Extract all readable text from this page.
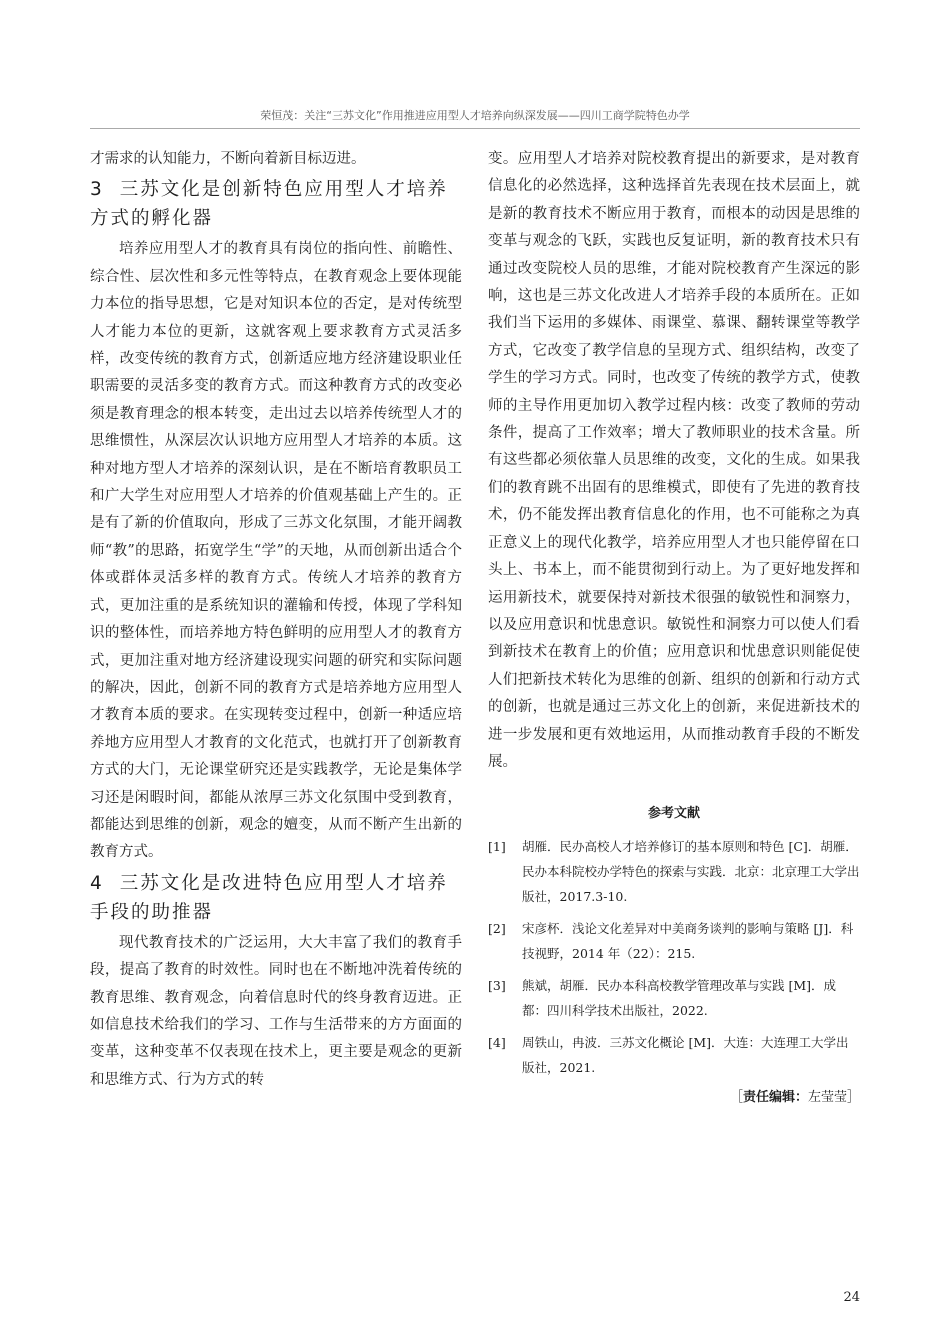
荣恒茂：关注“三苏文化”作用推进应用型人才培养向纵深发展——四川工商学院特色办学

才需求的认知能力，不断向着新目标迈进。

3 三苏文化是创新特色应用型人才培养方式的孵化器

培养应用型人才的教育具有岗位的指向性、前瞻性、综合性、层次性和多元性等特点，在教育观念上要体现能力本位的指导思想，它是对知识本位的否定，是对传统型人才能力本位的更新，这就客观上要求教育方式灵活多样，改变传统的教育方式，创新适应地方经济建设职业任职需要的灵活多变的教育方式。而这种教育方式的改变必须是教育理念的根本转变，走出过去以培养传统型人才的思维惯性，从深层次认识地方应用型人才培养的本质。这种对地方型人才培养的深刻认识，是在不断培育教职员工和广大学生对应用型人才培养的价值观基础上产生的。正是有了新的价值取向，形成了三苏文化氛围，才能开阔教师“教”的思路，拓宽学生“学”的天地，从而创新出适合个体或群体灵活多样的教育方式。传统人才培养的教育方式，更加注重的是系统知识的灌输和传授，体现了学科知识的整体性，而培养地方特色鲜明的应用型人才的教育方式，更加注重对地方经济建设现实问题的研究和实际问题的解决，因此，创新不同的教育方式是培养地方应用型人才教育本质的要求。在实现转变过程中，创新一种适应培养地方应用型人才教育的文化范式，也就打开了创新教育方式的大门，无论课堂研究还是实践教学，无论是集体学习还是闲暇时间，都能从浓厚三苏文化氛围中受到教育，都能达到思维的创新，观念的嬗变，从而不断产生出新的教育方式。

4 三苏文化是改进特色应用型人才培养手段的助推器

现代教育技术的广泛运用，大大丰富了我们的教育手段，提高了教育的时效性。同时也在不断地冲洗着传统的教育思维、教育观念，向着信息时代的终身教育迈进。正如信息技术给我们的学习、工作与生活带来的方方面面的变革，这种变革不仅表现在技术上，更主要是观念的更新和思维方式、行为方式的转

变。应用型人才培养对院校教育提出的新要求，是对教育信息化的必然选择，这种选择首先表现在技术层面上，就是新的教育技术不断应用于教育，而根本的动因是思维的变革与观念的飞跃，实践也反复证明，新的教育技术只有通过改变院校人员的思维，才能对院校教育产生深远的影响，这也是三苏文化改进人才培养手段的本质所在。正如我们当下运用的多媒体、雨课堂、慕课、翻转课堂等教学方式，它改变了教学信息的呈现方式、组织结构，改变了学生的学习方式。同时，也改变了传统的教学方式，使教师的主导作用更加切入教学过程内核：改变了教师的劳动条件，提高了工作效率；增大了教师职业的技术含量。所有这些都必须依靠人员思维的改变，文化的生成。如果我们的教育跳不出固有的思维模式，即使有了先进的教育技术，仍不能发挥出教育信息化的作用，也不可能称之为真正意义上的现代化教学，培养应用型人才也只能停留在口头上、书本上，而不能贯彻到行动上。为了更好地发挥和运用新技术，就要保持对新技术很强的敏锐性和洞察力，以及应用意识和忧患意识。敏锐性和洞察力可以使人们看到新技术在教育上的价值；应用意识和忧患意识则能促使人们把新技术转化为思维的创新、组织的创新和行动方式的创新，也就是通过三苏文化上的创新，来促进新技术的进一步发展和更有效地运用，从而推动教育手段的不断发展。

参考文献
[1]	胡雁．民办高校人才培养修订的基本原则和特色 [C]．胡雁．民办本科院校办学特色的探索与实践．北京：北京理工大学出版社，2017.3-10.
[2]	宋彦杯．浅论文化差异对中美商务谈判的影响与策略 [J]．科技视野，2014 年（22）：215.
[3]	熊斌，胡雁．民办本科高校教学管理改革与实践 [M]．成都：四川科学技术出版社，2022.
[4]	周铁山，冉波．三苏文化概论 [M]．大连：大连理工大学出版社，2021.
［责任编辑：左莹莹］
24
